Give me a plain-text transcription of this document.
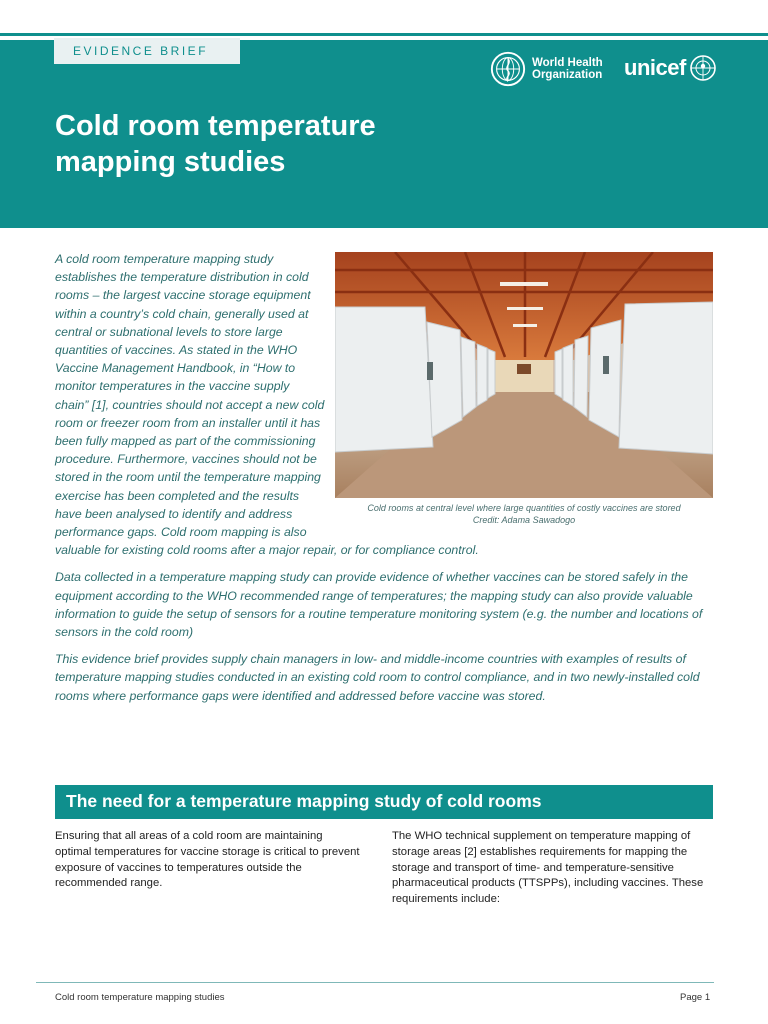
EVIDENCE BRIEF
World Health
Organization unicef
Cold room temperature mapping studies

A cold room temperature mapping study establishes the temperature distribution in cold rooms – the largest vaccine storage equipment within a country’s cold chain, generally used at central or subnational levels to store large quantities of vaccines. As stated in the WHO Vaccine Management Handbook, in “How to monitor temperatures in the vaccine supply chain” [1], countries should not accept a new cold room or freezer room from an installer until it has been fully mapped as part of the commissioning procedure. Furthermore, vaccines should not be stored in the room until the temperature mapping exercise has been completed and the results have been analysed to identify and address performance gaps. Cold room mapping is also valuable for existing cold rooms after a major repair, or for compliance control.

Data collected in a temperature mapping study can provide evidence of whether vaccines can be stored safely in the equipment according to the WHO recommended range of temperatures; the mapping study can also provide valuable information to guide the setup of sensors for a routine temperature monitoring system (e.g. the number and locations of sensors in the cold room)

This evidence brief provides supply chain managers in low- and middle-income countries with examples of results of temperature mapping studies conducted in an existing cold room to control compliance, and in two newly-installed cold rooms where performance gaps were identified and addressed before vaccine was stored.

Cold rooms at central level where large quantities of costly vaccines are stored
Credit: Adama Sawadogo
The need for a temperature mapping study of cold rooms

Ensuring that all areas of a cold room are maintaining optimal temperatures for vaccine storage is critical to prevent exposure of vaccines to temperatures outside the recommended range.

The WHO technical supplement on temperature mapping of storage areas [2] establishes requirements for mapping the storage and transport of time- and temperature-sensitive pharmaceutical products (TTSPPs), including vaccines. These requirements include:

Cold room temperature mapping studies	Page 1
